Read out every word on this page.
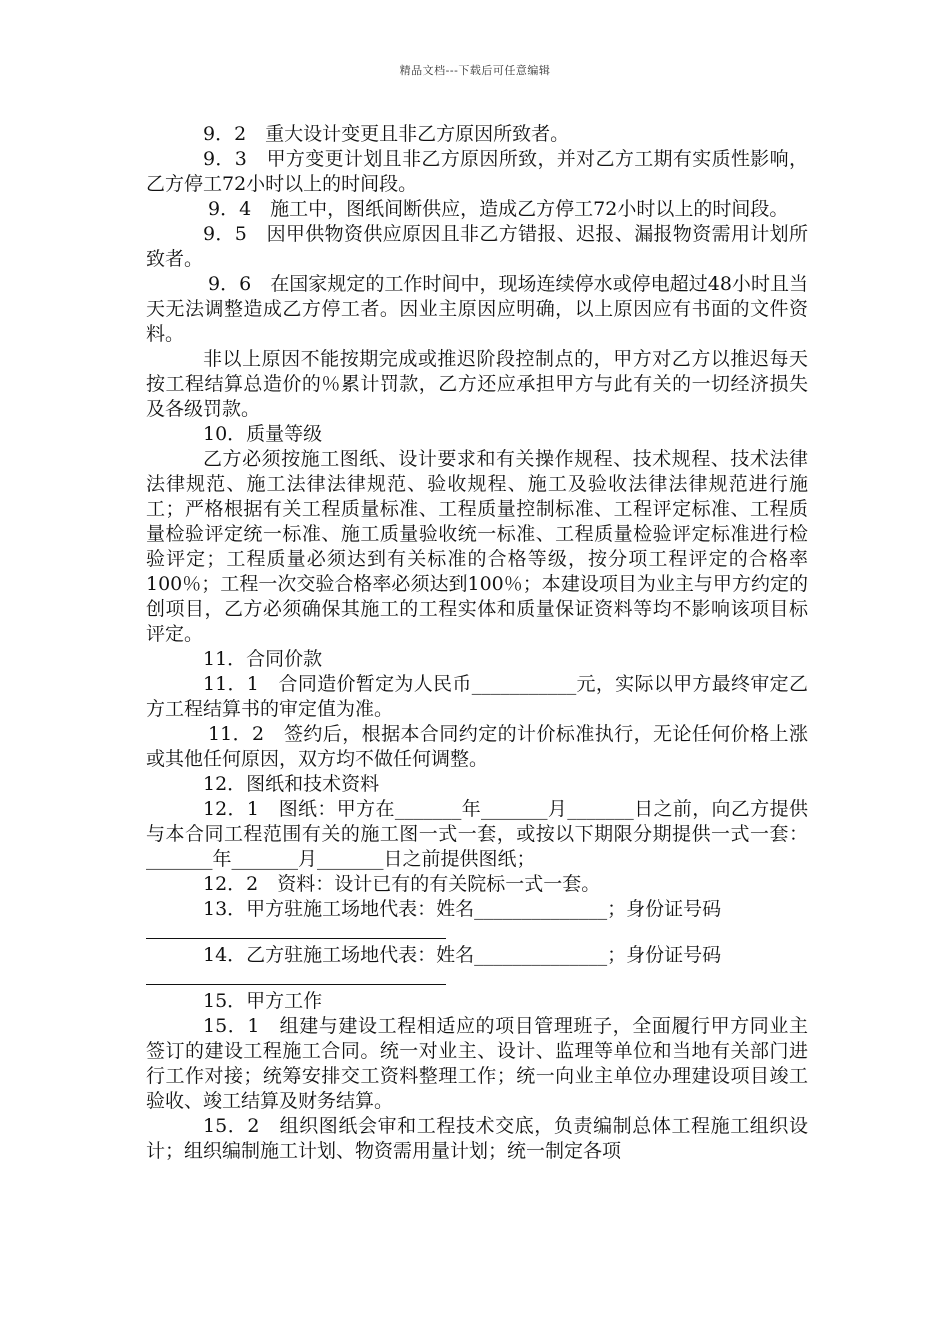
精品文档---下载后可任意编辑

9．2　重大设计变更且非乙方原因所致者。

9．3　甲方变更计划且非乙方原因所致，并对乙方工期有实质性影响，乙方停工72小时以上的时间段。

9．4　施工中，图纸间断供应，造成乙方停工72小时以上的时间段。

9．5　因甲供物资供应原因且非乙方错报、迟报、漏报物资需用计划所致者。

9．6　在国家规定的工作时间中，现场连续停水或停电超过48小时且当天无法调整造成乙方停工者。因业主原因应明确，以上原因应有书面的文件资料。

非以上原因不能按期完成或推迟阶段控制点的，甲方对乙方以推迟每天按工程结算总造价的％累计罚款，乙方还应承担甲方与此有关的一切经济损失及各级罚款。

10．质量等级

乙方必须按施工图纸、设计要求和有关操作规程、技术规程、技术法律法律规范、施工法律法律规范、验收规程、施工及验收法律法律规范进行施工；严格根据有关工程质量标准、工程质量控制标准、工程评定标准、工程质量检验评定统一标准、施工质量验收统一标准、工程质量检验评定标准进行检验评定；工程质量必须达到有关标准的合格等级，按分项工程评定的合格率100％；工程一次交验合格率必须达到100％；本建设项目为业主与甲方约定的创项目，乙方必须确保其施工的工程实体和质量保证资料等均不影响该项目标评定。

11．合同价款

11．1　合同造价暂定为人民币___________元，实际以甲方最终审定乙方工程结算书的审定值为准。

11．2　签约后，根据本合同约定的计价标准执行，无论任何价格上涨或其他任何原因，双方均不做任何调整。

12．图纸和技术资料

12．1　图纸：甲方在_______年_______月_______日之前，向乙方提供与本合同工程范围有关的施工图一式一套，或按以下期限分期提供一式一套：_______年_______月_______日之前提供图纸；

12．2　资料：设计已有的有关院标一式一套。

13．甲方驻施工场地代表：姓名______________；身份证号码

14．乙方驻施工场地代表：姓名______________；身份证号码

15．甲方工作

15．1　组建与建设工程相适应的项目管理班子，全面履行甲方同业主签订的建设工程施工合同。统一对业主、设计、监理等单位和当地有关部门进行工作对接；统筹安排交工资料整理工作；统一向业主单位办理建设项目竣工验收、竣工结算及财务结算。

15．2　组织图纸会审和工程技术交底，负责编制总体工程施工组织设计；组织编制施工计划、物资需用量计划；统一制定各项
